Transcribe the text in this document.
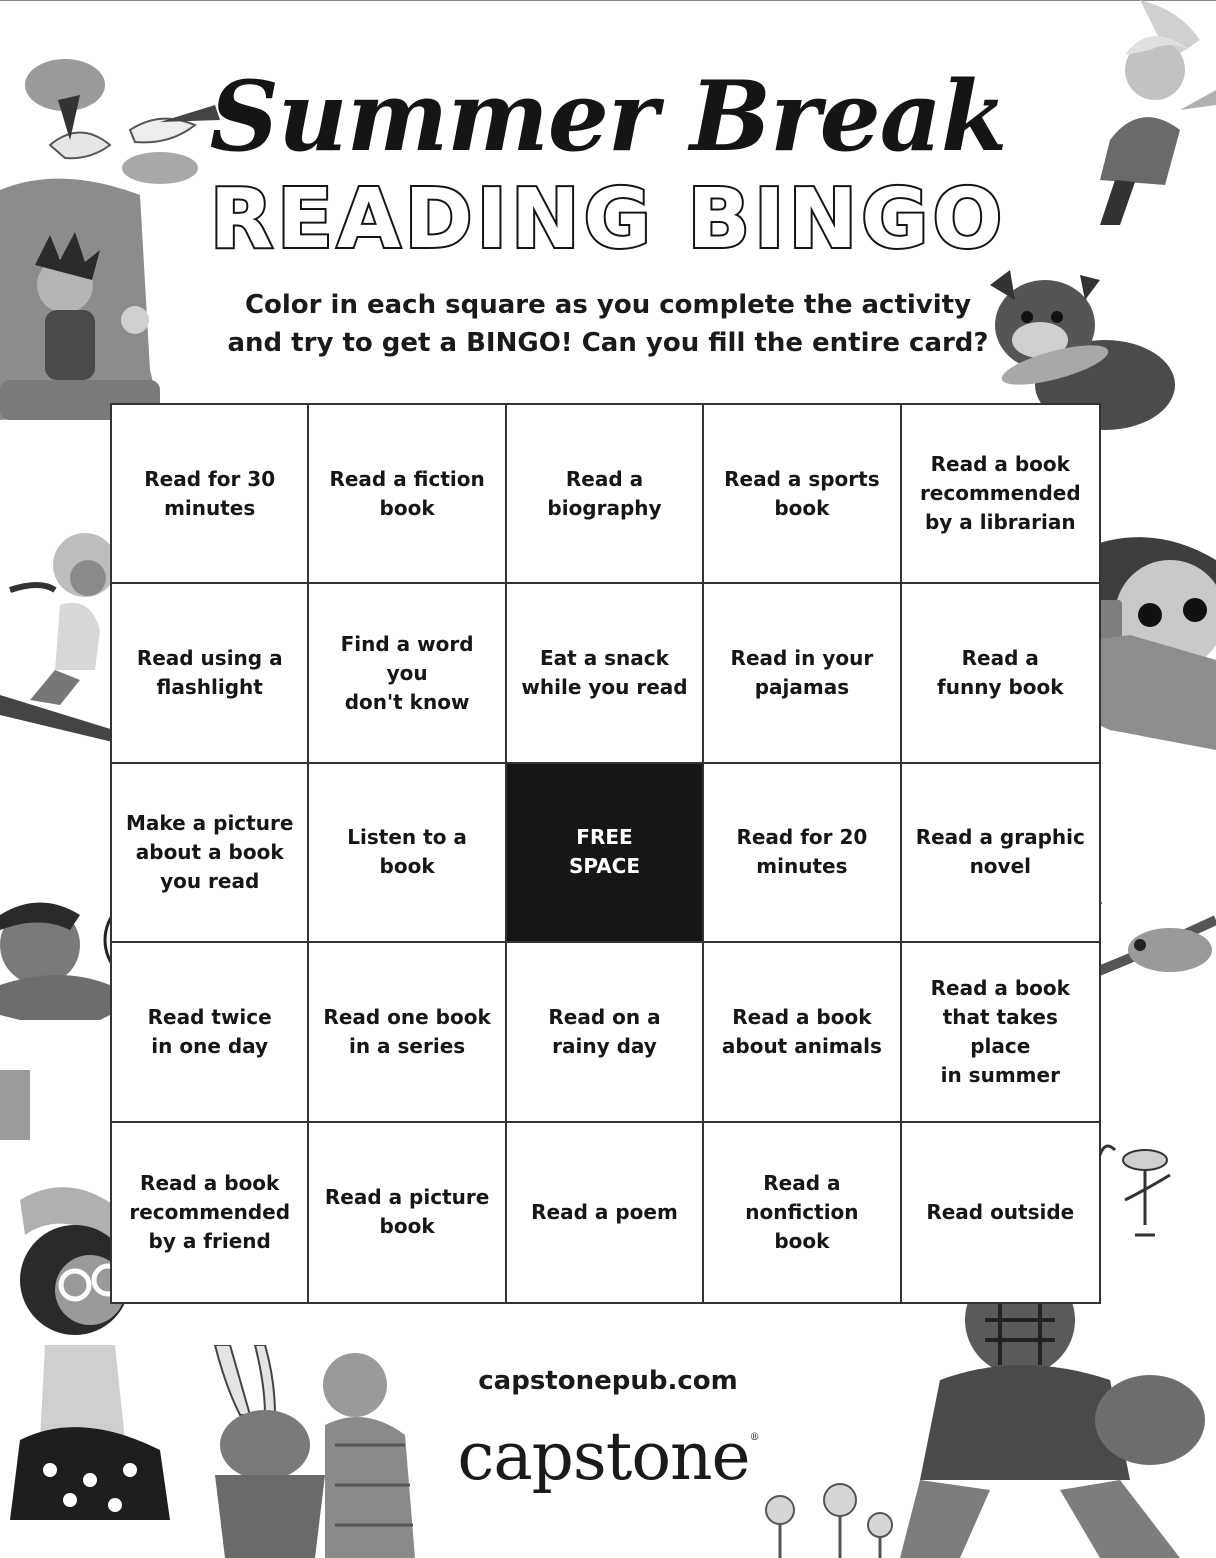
Summer Break
READING BINGO
Color in each square as you complete the activity
and try to get a BINGO! Can you fill the entire card?
Read for 30
minutes
Read a fiction
book
Read a
biography
Read a sports
book
Read a book
recommended
by a librarian
Read using a
flashlight
Find a word you
don't know
Eat a snack
while you read
Read in your
pajamas
Read a
funny book
Make a picture
about a book
you read
Listen to a book
FREE
SPACE
Read for 20
minutes
Read a graphic
novel
Read twice
in one day
Read one book
in a series
Read on a
rainy day
Read a book
about animals
Read a book
that takes place
in summer
Read a book
recommended
by a friend
Read a picture
book
Read a poem
Read a nonfiction
book
Read outside
capstonepub.com
capstone®
